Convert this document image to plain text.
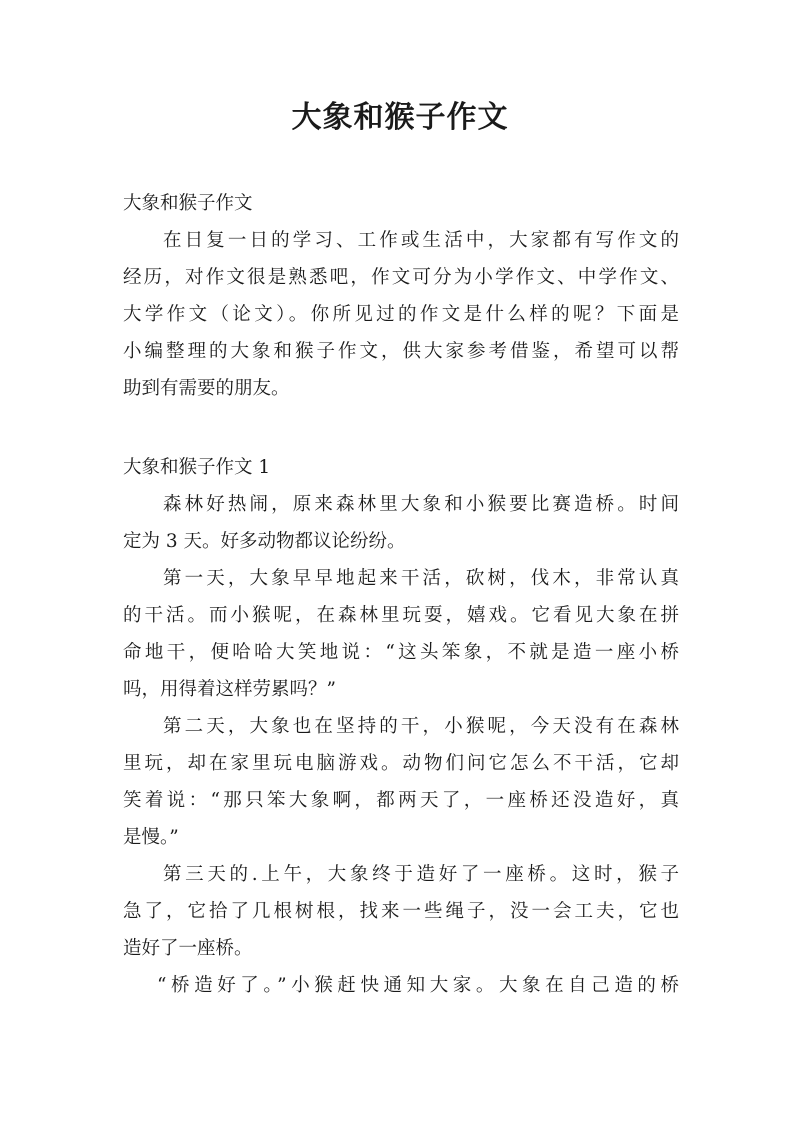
大象和猴子作文

大象和猴子作文

在日复一日的学习、工作或生活中，大家都有写作文的

经历，对作文很是熟悉吧，作文可分为小学作文、中学作文、

大学作文（论文）。你所见过的作文是什么样的呢？下面是

小编整理的大象和猴子作文，供大家参考借鉴，希望可以帮

助到有需要的朋友。

大象和猴子作文 1

森林好热闹，原来森林里大象和小猴要比赛造桥。时间

定为 3 天。好多动物都议论纷纷。

第一天，大象早早地起来干活，砍树，伐木，非常认真

的干活。而小猴呢，在森林里玩耍，嬉戏。它看见大象在拼

命地干，便哈哈大笑地说：“这头笨象，不就是造一座小桥

吗，用得着这样劳累吗？”

第二天，大象也在坚持的干，小猴呢，今天没有在森林

里玩，却在家里玩电脑游戏。动物们问它怎么不干活，它却

笑着说：“那只笨大象啊，都两天了，一座桥还没造好，真

是慢。”

第三天的.上午，大象终于造好了一座桥。这时，猴子

急了，它拾了几根树根，找来一些绳子，没一会工夫，它也

造好了一座桥。

“桥造好了。”小猴赶快通知大家。大象在自己造的桥
